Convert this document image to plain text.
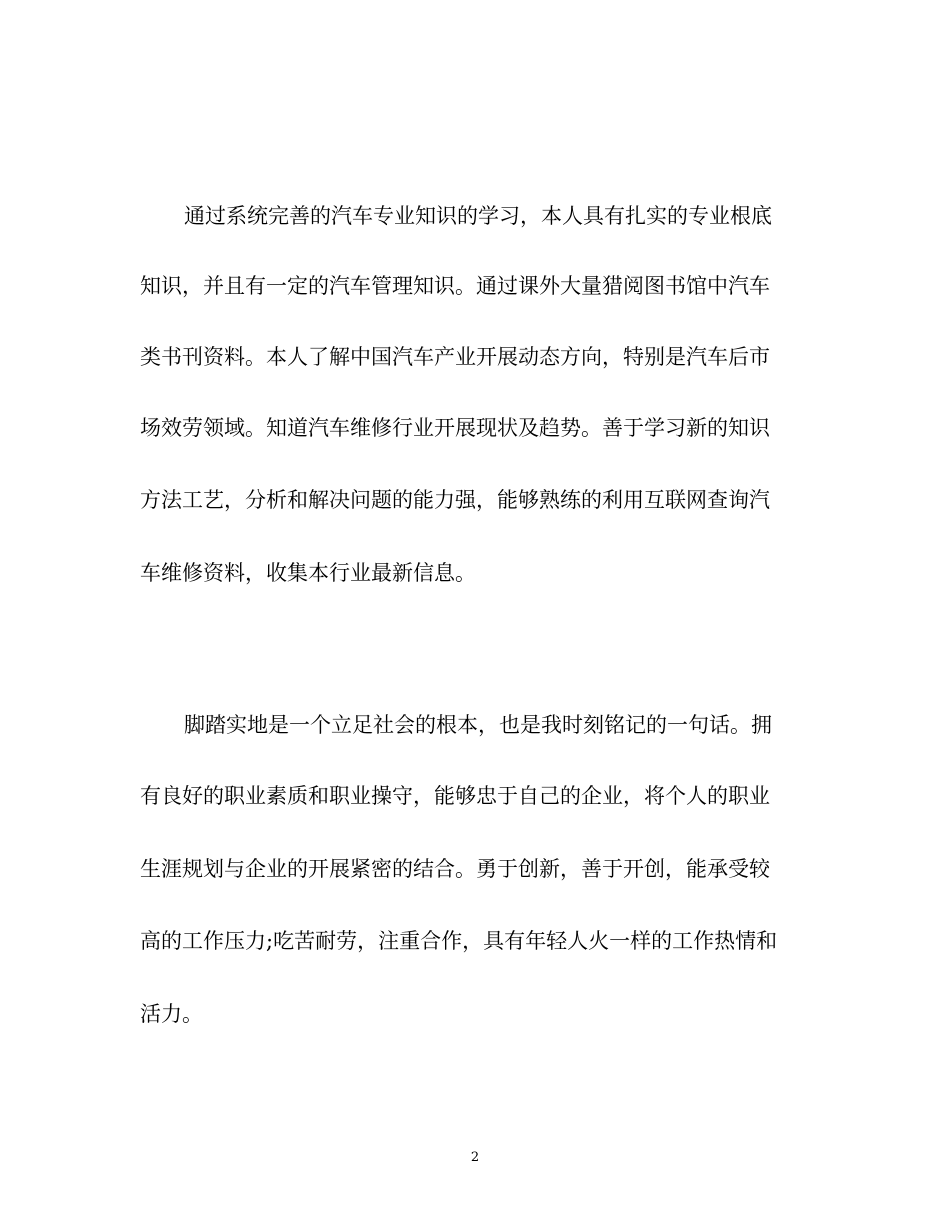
通过系统完善的汽车专业知识的学习，本人具有扎实的专业根底
知识，并且有一定的汽车管理知识。通过课外大量猎阅图书馆中汽车
类书刊资料。本人了解中国汽车产业开展动态方向，特别是汽车后市
场效劳领域。知道汽车维修行业开展现状及趋势。善于学习新的知识
方法工艺，分析和解决问题的能力强，能够熟练的利用互联网查询汽
车维修资料，收集本行业最新信息。
脚踏实地是一个立足社会的根本，也是我时刻铭记的一句话。拥
有良好的职业素质和职业操守，能够忠于自己的企业，将个人的职业
生涯规划与企业的开展紧密的结合。勇于创新，善于开创，能承受较
高的工作压力;吃苦耐劳，注重合作，具有年轻人火一样的工作热情和
活力。
2
